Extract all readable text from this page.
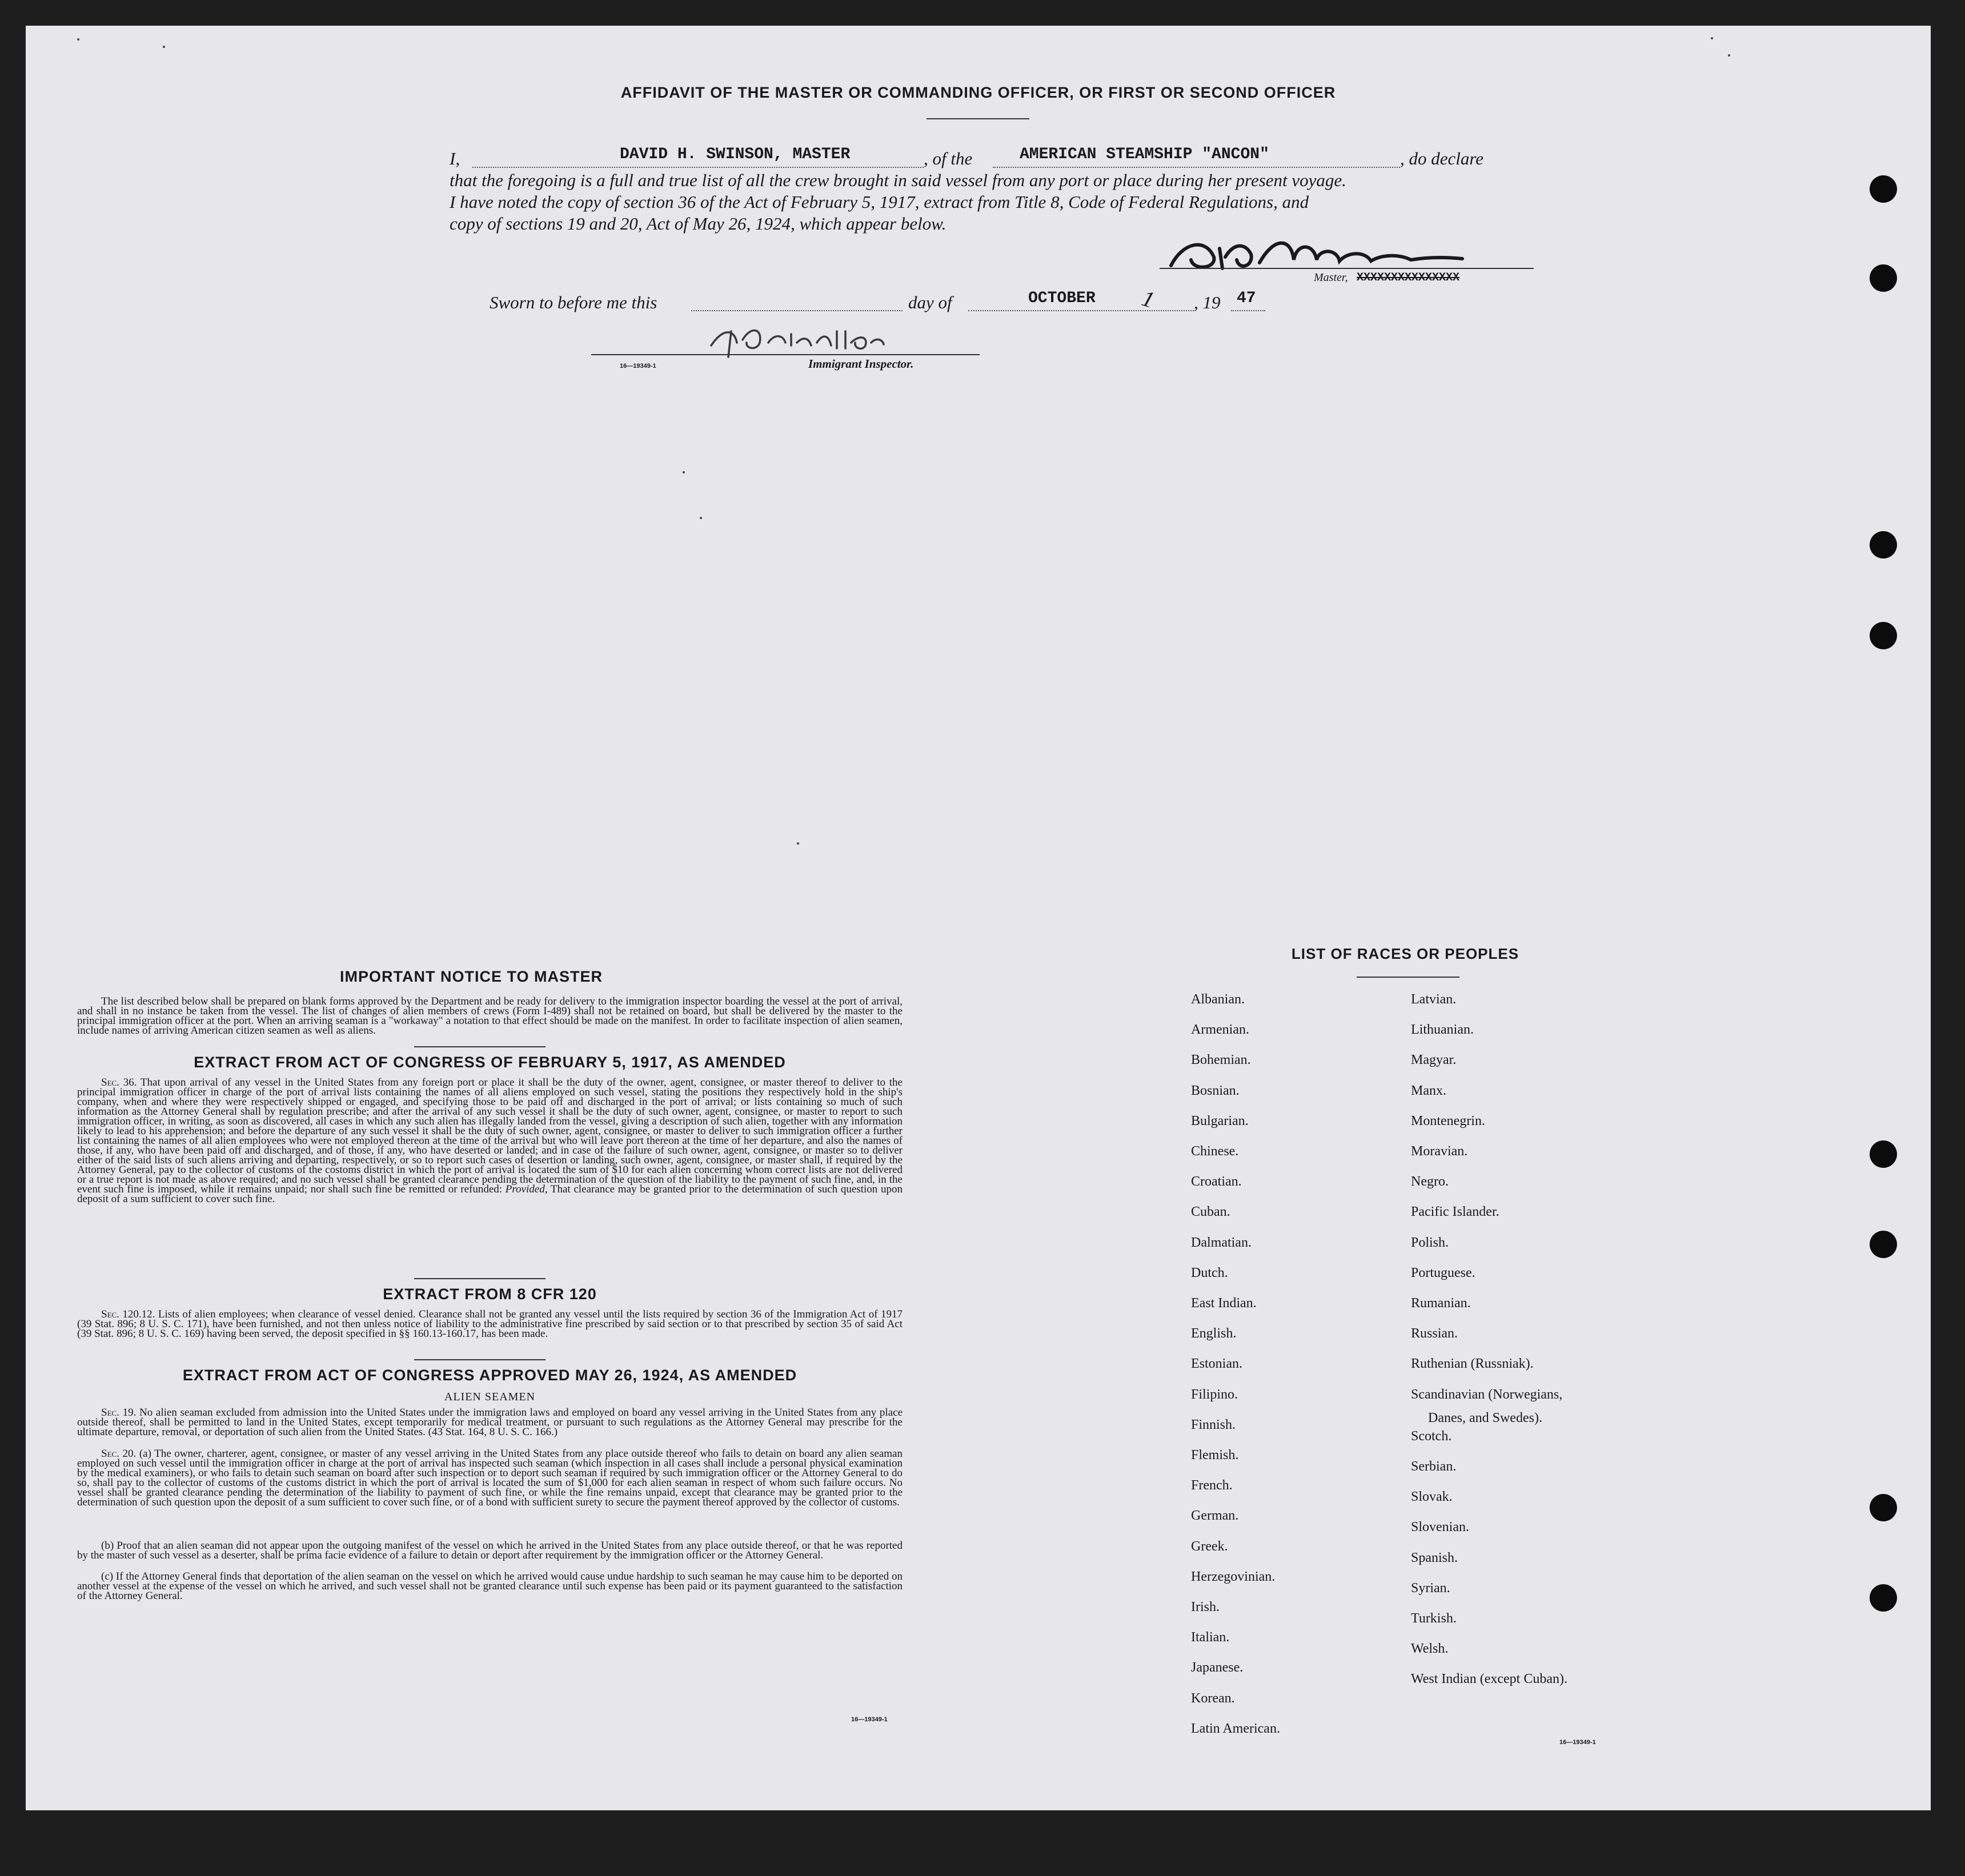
AFFIDAVIT OF THE MASTER OR COMMANDING OFFICER, OR FIRST OR SECOND OFFICER
I,	DAVID H. SWINSON, MASTER	, of the	AMERICAN STEAMSHIP "ANCON"	, do declare
that the foregoing is a full and true list of all the crew brought in said vessel from any port or place during her present voyage.
I have noted the copy of section 36 of the Act of February 5, 1917, extract from Title 8, Code of Federal Regulations, and
copy of sections 19 and 20, Act of May 26, 1924, which appear below.
Master, XXXXXXXXXXXXXXX
Sworn to before me this	day of	OCTOBER 1 , 19 47
16—19349-1	Immigrant Inspector.
IMPORTANT NOTICE TO MASTER
The list described below shall be prepared on blank forms approved by the Department and be ready for delivery to the immigration inspector boarding the vessel at the port of arrival, and shall in no instance be taken from the vessel. The list of changes of alien members of crews (Form I-489) shall not be retained on board, but shall be delivered by the master to the principal immigration officer at the port. When an arriving seaman is a "workaway" a notation to that effect should be made on the manifest. In order to facilitate inspection of alien seamen, include names of arriving American citizen seamen as well as aliens.
EXTRACT FROM ACT OF CONGRESS OF FEBRUARY 5, 1917, AS AMENDED
Sec. 36. That upon arrival of any vessel in the United States from any foreign port or place it shall be the duty of the owner, agent, consignee, or master thereof to deliver to the principal immigration officer in charge of the port of arrival lists containing the names of all aliens employed on such vessel, stating the positions they respectively hold in the ship's company, when and where they were respectively shipped or engaged, and specifying those to be paid off and discharged in the port of arrival; or lists containing so much of such information as the Attorney General shall by regulation prescribe; and after the arrival of any such vessel it shall be the duty of such owner, agent, consignee, or master to report to such immigration officer, in writing, as soon as discovered, all cases in which any such alien has illegally landed from the vessel, giving a description of such alien, together with any information likely to lead to his apprehension; and before the departure of any such vessel it shall be the duty of such owner, agent, consignee, or master to deliver to such immigration officer a further list containing the names of all alien employees who were not employed thereon at the time of the arrival but who will leave port thereon at the time of her departure, and also the names of those, if any, who have been paid off and discharged, and of those, if any, who have deserted or landed; and in case of the failure of such owner, agent, consignee, or master so to deliver either of the said lists of such aliens arriving and departing, respectively, or so to report such cases of desertion or landing, such owner, agent, consignee, or master shall, if required by the Attorney General, pay to the collector of customs of the costoms district in which the port of arrival is located the sum of $10 for each alien concerning whom correct lists are not delivered or a true report is not made as above required; and no such vessel shall be granted clearance pending the determination of the question of the liability to the payment of such fine, and, in the event such fine is imposed, while it remains unpaid; nor shall such fine be remitted or refunded: Provided, That clearance may be granted prior to the determination of such question upon deposit of a sum sufficient to cover such fine.
EXTRACT FROM 8 CFR 120
Sec. 120.12. Lists of alien employees; when clearance of vessel denied. Clearance shall not be granted any vessel until the lists required by section 36 of the Immigration Act of 1917 (39 Stat. 896; 8 U. S. C. 171), have been furnished, and not then unless notice of liability to the administrative fine prescribed by said section or to that prescribed by section 35 of said Act (39 Stat. 896; 8 U. S. C. 169) having been served, the deposit specified in §§ 160.13-160.17, has been made.
EXTRACT FROM ACT OF CONGRESS APPROVED MAY 26, 1924, AS AMENDED
ALIEN SEAMEN
Sec. 19. No alien seaman excluded from admission into the United States under the immigration laws and employed on board any vessel arriving in the United States from any place outside thereof, shall be permitted to land in the United States, except temporarily for medical treatment, or pursuant to such regulations as the Attorney General may prescribe for the ultimate departure, removal, or deportation of such alien from the United States. (43 Stat. 164, 8 U. S. C. 166.)
Sec. 20. (a) The owner, charterer, agent, consignee, or master of any vessel arriving in the United States from any place outside thereof who fails to detain on board any alien seaman employed on such vessel until the immigration officer in charge at the port of arrival has inspected such seaman (which inspection in all cases shall include a personal physical examination by the medical examiners), or who fails to detain such seaman on board after such inspection or to deport such seaman if required by such immigration officer or the Attorney General to do so, shall pay to the collector of customs of the customs district in which the port of arrival is located the sum of $1,000 for each alien seaman in respect of whom such failure occurs. No vessel shall be granted clearance pending the determination of the liability to payment of such fine, or while the fine remains unpaid, except that clearance may be granted prior to the determination of such question upon the deposit of a sum sufficient to cover such fine, or of a bond with sufficient surety to secure the payment thereof approved by the collector of customs.
(b) Proof that an alien seaman did not appear upon the outgoing manifest of the vessel on which he arrived in the United States from any place outside thereof, or that he was reported by the master of such vessel as a deserter, shall be prima facie evidence of a failure to detain or deport after requirement by the immigration officer or the Attorney General.
(c) If the Attorney General finds that deportation of the alien seaman on the vessel on which he arrived would cause undue hardship to such seaman he may cause him to be deported on another vessel at the expense of the vessel on which he arrived, and such vessel shall not be granted clearance until such expense has been paid or its payment guaranteed to the satisfaction of the Attorney General.
16—19349-1
LIST OF RACES OR PEOPLES
Danes, and Swedes).
16—19349-1
Albanian.
Armenian.
Bohemian.
Bosnian.
Bulgarian.
Chinese.
Croatian.
Cuban.
Dalmatian.
Dutch.
East Indian.
English.
Estonian.
Filipino.
Finnish.
Flemish.
French.
German.
Greek.
Herzegovinian.
Irish.
Italian.
Japanese.
Korean.
Latin American.
Latvian.
Lithuanian.
Magyar.
Manx.
Montenegrin.
Moravian.
Negro.
Pacific Islander.
Polish.
Portuguese.
Rumanian.
Russian.
Ruthenian (Russniak).
Scandinavian (Norwegians,
Scotch.
Serbian.
Slovak.
Slovenian.
Spanish.
Syrian.
Turkish.
Welsh.
West Indian (except Cuban).
